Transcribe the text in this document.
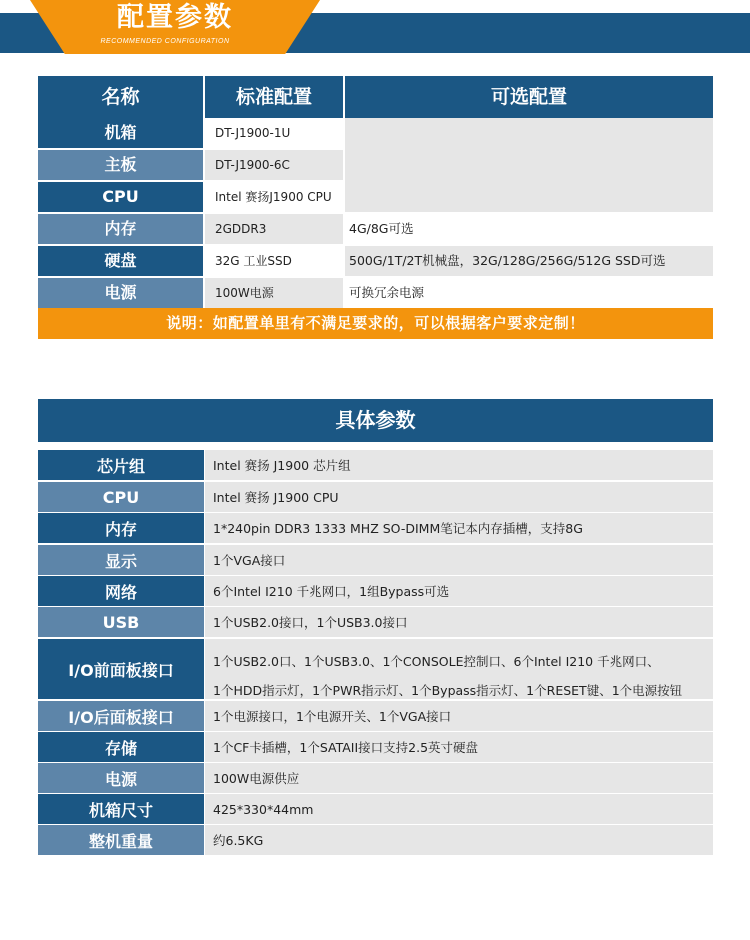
配置参数
RECOMMENDED CONFIGURATION
名称	标准配置	可选配置
机箱	DT-J1900-1U
主板	DT-J1900-6C
CPU	Intel 赛扬J1900 CPU
内存	2GDDR3	4G/8G可选
硬盘	32G 工业SSD	500G/1T/2T机械盘，32G/128G/256G/512G SSD可选
电源	100W电源	可换冗余电源
说明：如配置单里有不满足要求的，可以根据客户要求定制！
具体参数
芯片组	Intel 赛扬 J1900 芯片组
CPU	Intel 赛扬 J1900 CPU
内存	1*240pin DDR3 1333 MHZ SO-DIMM笔记本内存插槽，支持8G
显示	1个VGA接口
网络	6个Intel I210 千兆网口，1组Bypass可选
USB	1个USB2.0接口，1个USB3.0接口
I/O前面板接口	1个USB2.0口、1个USB3.0、1个CONSOLE控制口、6个Intel I210 千兆网口、
1个HDD指示灯，1个PWR指示灯、1个Bypass指示灯、1个RESET键、1个电源按钮
I/O后面板接口	1个电源接口，1个电源开关、1个VGA接口
存储	1个CF卡插槽，1个SATAII接口支持2.5英寸硬盘
电源	100W电源供应
机箱尺寸	425*330*44mm
整机重量	约6.5KG
